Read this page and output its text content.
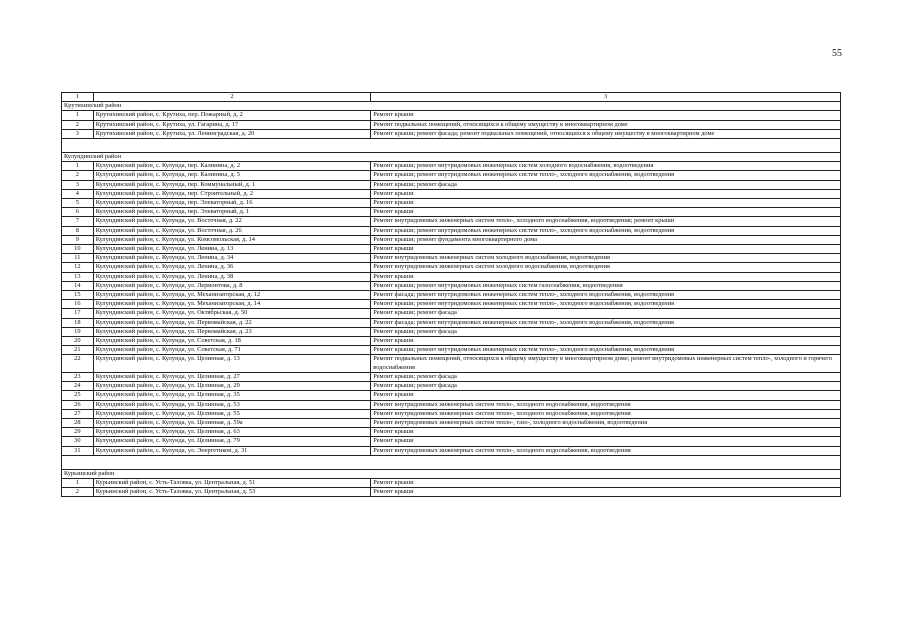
55
1	2	3
Крутихинский район		
1	Крутихинский район, с. Крутиха, пер. Пожарный, д. 2	Ремонт крыши
2	Крутихинский район, с. Крутиха, ул. Гагарина, д. 17	Ремонт подвальных помещений, относящихся к общему имуществу в многоквартирном доме
3	Крутихинский район, с. Крутиха, ул. Ленинградская, д. 20	Ремонт крыши; ремонт фасада; ремонт подвальных помещений, относящихся к общему имуществу в многоквартирном доме

Кулундинский район		
1	Кулундинский район, с. Кулунда, пер. Калинина, д. 2	Ремонт крыши; ремонт внутридомовых инженерных систем холодного водоснабжения, водоотведения
2	Кулундинский район, с. Кулунда, пер. Калинина, д. 5	Ремонт крыши; ремонт внутридомовых инженерных систем тепло-, холодного водоснабжения, водоотведения
3	Кулундинский район, с. Кулунда, пер. Коммунальный, д. 1	Ремонт крыши; ремонт фасада
4	Кулундинский район, с. Кулунда, пер. Строительный, д. 2	Ремонт крыши
5	Кулундинский район, с. Кулунда, пер. Элеваторный, д. 16	Ремонт крыши
6	Кулундинский район, с. Кулунда, пер. Элеваторный, д. 1	Ремонт крыши
7	Кулундинский район, с. Кулунда, ул. Восточная, д. 22	Ремонт внутридомовых инженерных систем тепло-, холодного водоснабжения, водоотведения; ремонт крыши
8	Кулундинский район, с. Кулунда, ул. Восточная, д. 26	Ремонт крыши; ремонт внутридомовых инженерных систем тепло-, холодного водоснабжения, водоотведения
9	Кулундинский район, с. Кулунда, ул. Комсомольская, д. 14	Ремонт крыши; ремонт фундамента многоквартирного дома
10	Кулундинский район, с. Кулунда, ул. Ленина, д. 13	Ремонт крыши
11	Кулундинский район, с. Кулунда, ул. Ленина, д. 34	Ремонт внутридомовых инженерных систем холодного водоснабжения, водоотведения
12	Кулундинский район, с. Кулунда, ул. Ленина, д. 36	Ремонт внутридомовых инженерных систем холодного водоснабжения, водоотведения
13	Кулундинский район, с. Кулунда, ул. Ленина, д. 38	Ремонт крыши
14	Кулундинский район, с. Кулунда, ул. Лермонтова, д. 8	Ремонт крыши; ремонт внутридомовых инженерных систем газоснабжения, водоотведения
15	Кулундинский район, с. Кулунда, ул. Механизаторская, д. 12	Ремонт фасада; ремонт внутридомовых инженерных систем тепло-, холодного водоснабжения, водоотведения
16	Кулундинский район, с. Кулунда, ул. Механизаторская, д. 14	Ремонт крыши; ремонт внутридомовых инженерных систем тепло-, холодного водоснабжения, водоотведения
17	Кулундинский район, с. Кулунда, ул. Октябрьская, д. 50	Ремонт крыши; ремонт фасада
18	Кулундинский район, с. Кулунда, ул. Первомайская, д. 22	Ремонт фасада; ремонт внутридомовых инженерных систем тепло-, холодного водоснабжения, водоотведения
19	Кулундинский район, с. Кулунда, ул. Первомайская, д. 23	Ремонт крыши; ремонт фасада
20	Кулундинский район, с. Кулунда, ул. Советская, д. 18	Ремонт крыши
21	Кулундинский район, с. Кулунда, ул. Советская, д. 71	Ремонт крыши; ремонт внутридомовых инженерных систем тепло-, холодного водоснабжения, водоотведения
22	Кулундинский район, с. Кулунда, ул. Целинная, д. 13	Ремонт подвальных помещений, относящихся к общему имуществу в многоквартирном доме; ремонт внутридомовых инженерных систем тепло-, холодного и горячего водоснабжения
23	Кулундинский район, с. Кулунда, ул. Целинная, д. 27	Ремонт крыши; ремонт фасада
24	Кулундинский район, с. Кулунда, ул. Целинная, д. 29	Ремонт крыши; ремонт фасада
25	Кулундинский район, с. Кулунда, ул. Целинная, д. 35	Ремонт крыши
26	Кулундинский район, с. Кулунда, ул. Целинная, д. 53	Ремонт внутридомовых инженерных систем тепло-, холодного водоснабжения, водоотведения
27	Кулундинский район, с. Кулунда, ул. Целинная, д. 55	Ремонт внутридомовых инженерных систем тепло-, холодного водоснабжения, водоотведения
28	Кулундинский район, с. Кулунда, ул. Целинная, д. 59а	Ремонт внутридомовых инженерных систем тепло-, газо-, холодного водоснабжения, водоотведения
29	Кулундинский район, с. Кулунда, ул. Целинная, д. 63	Ремонт крыши
30	Кулундинский район, с. Кулунда, ул. Целинная, д. 79	Ремонт крыши
31	Кулундинский район, с. Кулунда, ул. Энергетиков, д. 31	Ремонт внутридомовых инженерных систем тепло-, холодного водоснабжения, водоотведения

Курьинский район		
1	Курьинский район, с. Усть-Таловка, ул. Центральная, д. 51	Ремонт крыши
2	Курьинский район, с. Усть-Таловка, ул. Центральная, д. 53	Ремонт крыши
